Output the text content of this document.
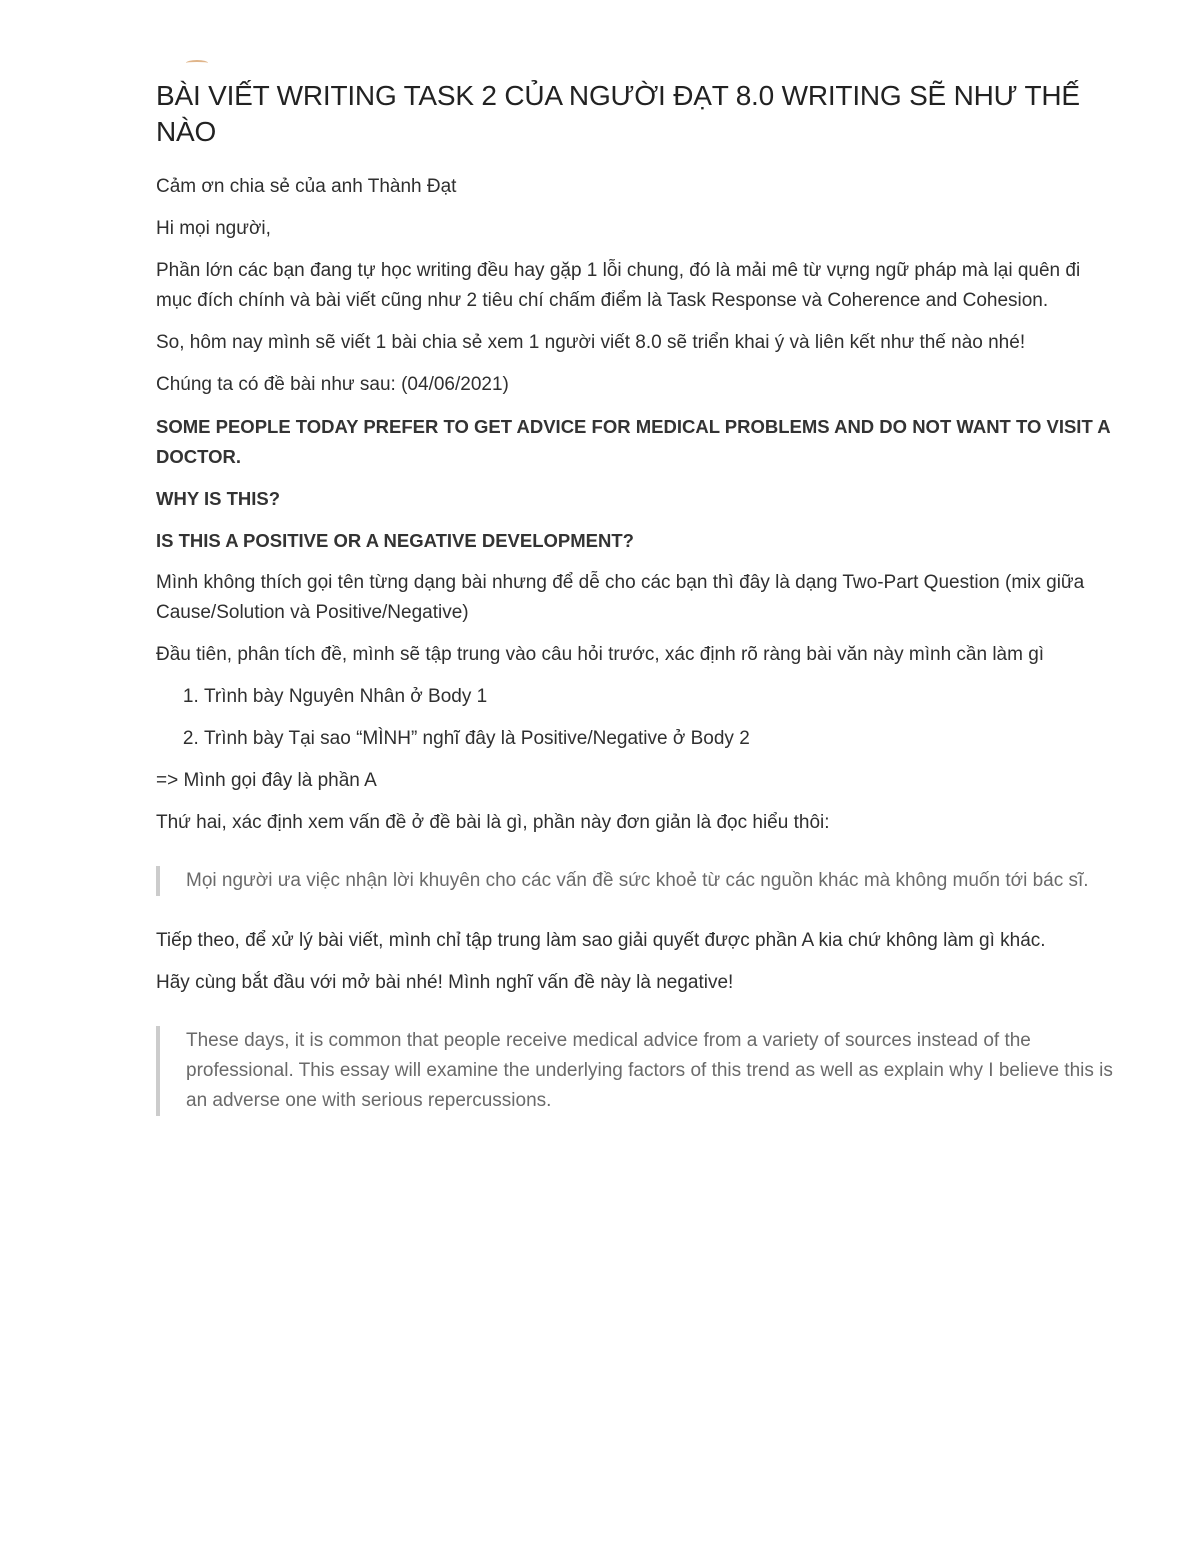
BÀI VIẾT WRITING TASK 2 CỦA NGƯỜI ĐẠT 8.0 WRITING SẼ NHƯ THẾ NÀO

Cảm ơn chia sẻ của anh Thành Đạt

Hi mọi người,

Phần lớn các bạn đang tự học writing đều hay gặp 1 lỗi chung, đó là mải mê từ vựng ngữ pháp mà lại quên đi mục đích chính và bài viết cũng như 2 tiêu chí chấm điểm là Task Response và Coherence and Cohesion.

So, hôm nay mình sẽ viết 1 bài chia sẻ xem 1 người viết 8.0 sẽ triển khai ý và liên kết như thế nào nhé!

Chúng ta có đề bài như sau: (04/06/2021)

SOME PEOPLE TODAY PREFER TO GET ADVICE FOR MEDICAL PROBLEMS AND DO NOT WANT TO VISIT A DOCTOR.

WHY IS THIS?

IS THIS A POSITIVE OR A NEGATIVE DEVELOPMENT?

Mình không thích gọi tên từng dạng bài nhưng để dễ cho các bạn thì đây là dạng Two-Part Question (mix giữa Cause/Solution và Positive/Negative)

Đầu tiên, phân tích đề, mình sẽ tập trung vào câu hỏi trước, xác định rõ ràng bài văn này mình cần làm gì

1. Trình bày Nguyên Nhân ở Body 1
2. Trình bày Tại sao “MÌNH” nghĩ đây là Positive/Negative ở Body 2

=> Mình gọi đây là phần A

Thứ hai, xác định xem vấn đề ở đề bài là gì, phần này đơn giản là đọc hiểu thôi:

Mọi người ưa việc nhận lời khuyên cho các vấn đề sức khoẻ từ các nguồn khác mà không muốn tới bác sĩ.

Tiếp theo, để xử lý bài viết, mình chỉ tập trung làm sao giải quyết được phần A kia chứ không làm gì khác.

Hãy cùng bắt đầu với mở bài nhé! Mình nghĩ vấn đề này là negative!

These days, it is common that people receive medical advice from a variety of sources instead of the professional. This essay will examine the underlying factors of this trend as well as explain why I believe this is an adverse one with serious repercussions.
